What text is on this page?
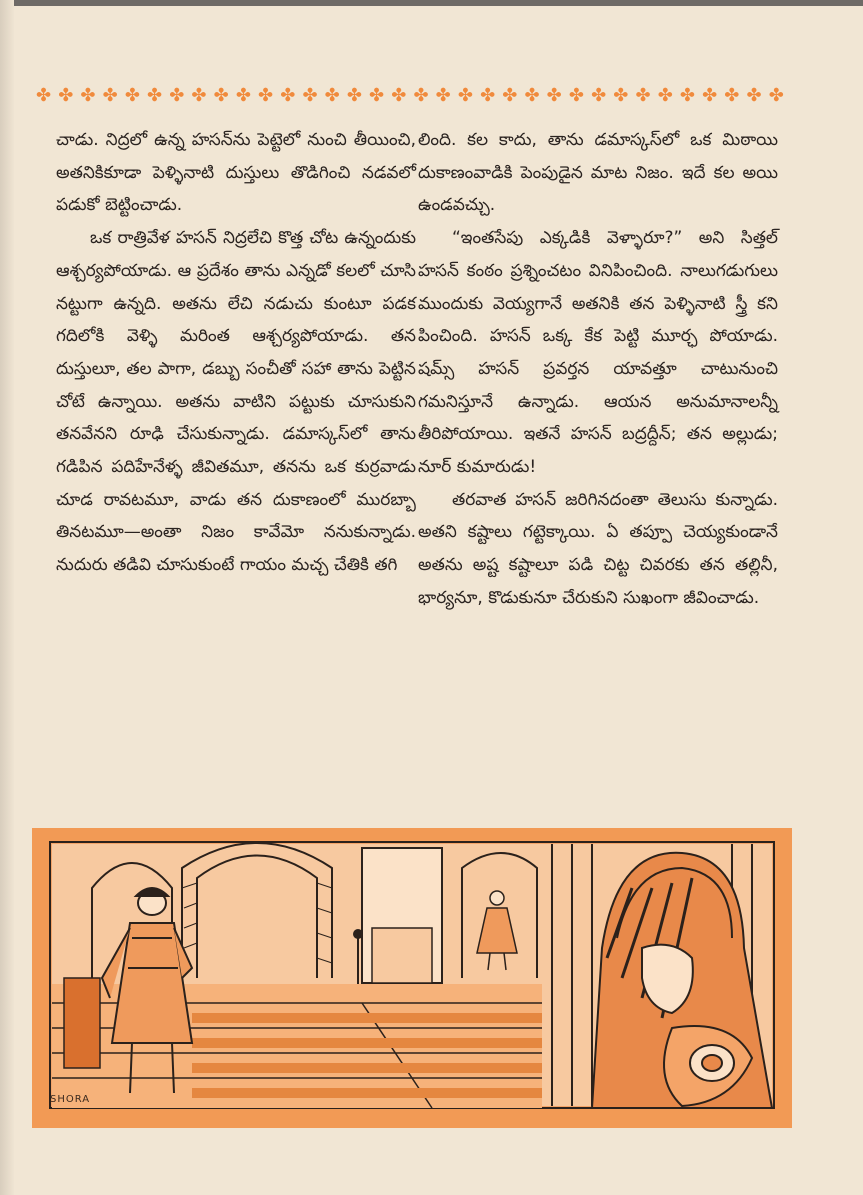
✤ ✤ ✤ ✤ ✤ ✤ ✤ ✤ ✤ ✤ ✤ ✤ ✤ ✤ ✤ ✤ ✤ ✤ ✤ ✤ ✤ ✤ ✤ ✤ ✤ ✤ ✤ ✤ ✤ ✤ ✤ ✤ ✤ ✤

చాడు. నిద్రలో ఉన్న హసన్‌ను పెట్టెలో నుంచి తీయించి, అతనికికూడా పెళ్ళినాటి దుస్తులు తొడిగించి నడవలో పడుకో బెట్టించాడు.

ఒక రాత్రివేళ హసన్ నిద్రలేచి కొత్త చోట ఉన్నందుకు ఆశ్చర్యపోయాడు. ఆ ప్రదేశం తాను ఎన్నడో కలలో చూసి నట్టుగా ఉన్నది. అతను లేచి నడుచు కుంటూ పడక గదిలోకి వెళ్ళి మరింత ఆశ్చర్యపోయాడు. తన దుస్తులూ, తల పాగా, డబ్బు సంచీతో సహా తాను పెట్టిన చోటే ఉన్నాయి. అతను వాటిని పట్టుకు చూసుకుని తనవేనని రూఢి చేసుకున్నాడు. డమాస్కస్‌లో తాను గడిపిన పదిహేనేళ్ళ జీవితమూ, తనను ఒక కుర్రవాడు చూడ రావటమూ, వాడు తన దుకాణంలో మురబ్బా తినటమూ—అంతా నిజం కావేమో ననుకున్నాడు. నుదురు తడివి చూసుకుంటే గాయం మచ్చ చేతికి తగి

లింది. కల కాదు, తాను డమాస్కస్‌లో ఒక మిఠాయి దుకాణంవాడికి పెంపుడైన మాట నిజం. ఇదే కల అయి ఉండవచ్చు.

“ఇంతసేపు ఎక్కడికి వెళ్ళారూ?” అని సిత్తల్ హసన్ కంఠం ప్రశ్నించటం వినిపించింది. నాలుగడుగులు ముందుకు వెయ్యగానే అతనికి తన పెళ్ళినాటి స్త్రీ కని పించింది. హసన్ ఒక్క కేక పెట్టి మూర్ఛ పోయాడు. షమ్స్ హసన్ ప్రవర్తన యావత్తూ చాటునుంచి గమనిస్తూనే ఉన్నాడు. ఆయన అనుమానాలన్నీ తీరిపోయాయి. ఇతనే హసన్ బద్రద్దీన్; తన అల్లుడు; నూర్ కుమారుడు!

తరవాత హసన్ జరిగినదంతా తెలుసు కున్నాడు. అతని కష్టాలు గట్టెక్కాయి. ఏ తప్పూ చెయ్యకుండానే అతను అష్ట కష్టాలూ పడి చిట్ట చివరకు తన తల్లినీ, భార్యనూ, కొడుకునూ చేరుకుని సుఖంగా జీవించాడు.

SHORA
